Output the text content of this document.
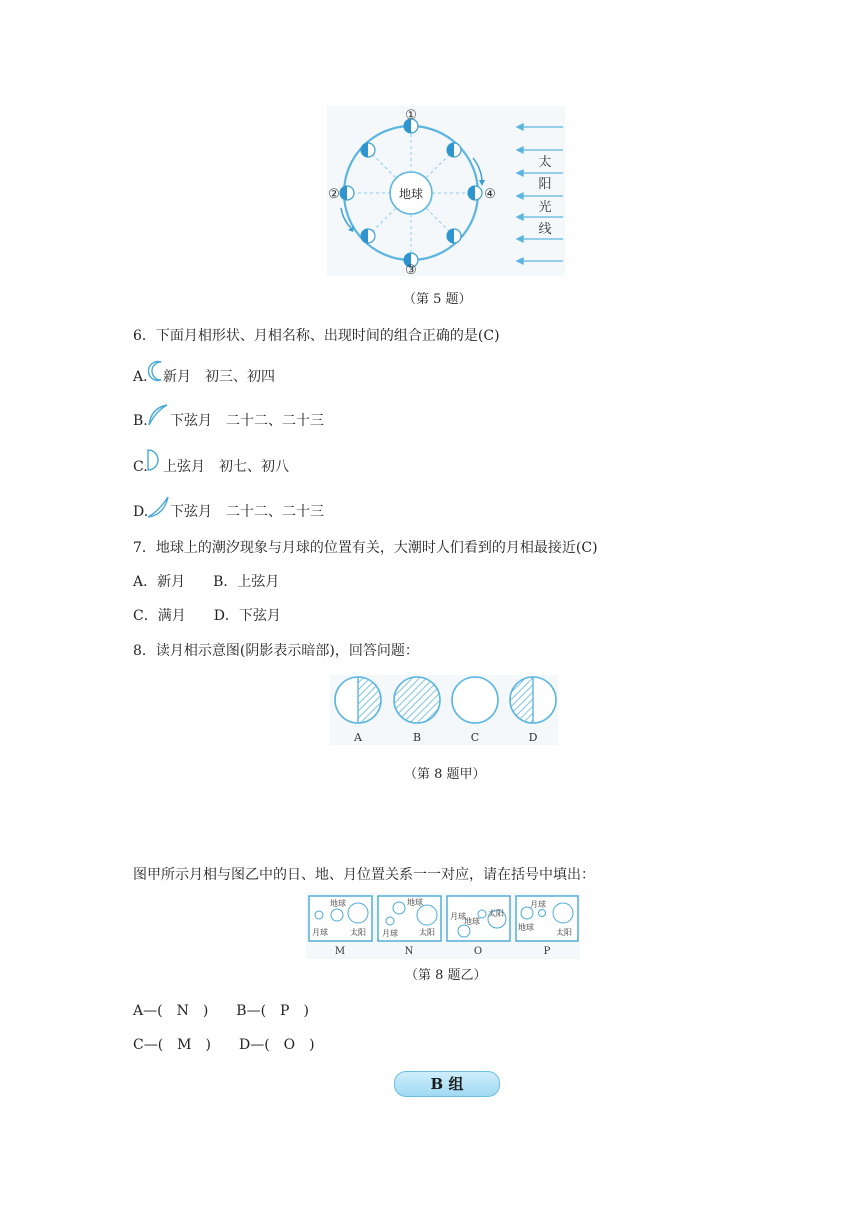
地球
①
②
③
④
太
阳
光
线
（第 5 题）
6．下面月相形状、月相名称、出现时间的组合正确的是(C)
A. 新月　初三、初四
B. 下弦月　二十二、二十三
C. 上弦月　初七、初八
D. 下弦月　二十二、二十三
7．地球上的潮汐现象与月球的位置有关，大潮时人们看到的月相最接近(C)
A．新月　　B．上弦月
C．满月　　D．下弦月
8．读月相示意图(阴影表示暗部)，回答问题：
A	B	C	D
（第 8 题甲）
图甲所示月相与图乙中的日、地、月位置关系一一对应，请在括号中填出：
地球
月球	太阳
地球
月球	太阳
月球
地球
太阳
月球
地球
太阳
M	N	O	P
（第 8 题乙）
A—(　N　)　　B—(　P　)
C—(　M　)　　D—(　O　)
B 组
